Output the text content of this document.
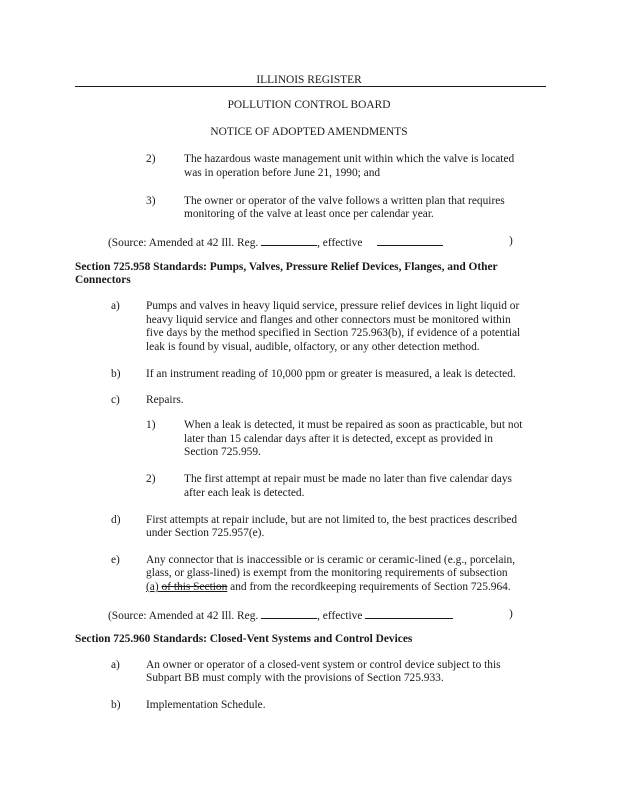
ILLINOIS REGISTER
POLLUTION CONTROL BOARD
NOTICE OF ADOPTED AMENDMENTS
2)	The hazardous waste management unit within which the valve is located
was in operation before June 21, 1990; and
3)	The owner or operator of the valve follows a written plan that requires
monitoring of the valve at least once per calendar year.
(Source: Amended at 42 Ill. Reg.	, effective	)
Section 725.958 Standards: Pumps, Valves, Pressure Relief Devices, Flanges, and Other
Connectors
a) Pumps and valves in heavy liquid service, pressure relief devices in light liquid or
heavy liquid service and flanges and other connectors must be monitored within
five days by the method specified in Section 725.963(b), if evidence of a potential
leak is found by visual, audible, olfactory, or any other detection method.
b) If an instrument reading of 10,000 ppm or greater is measured, a leak is detected.
c) Repairs.
1)	When a leak is detected, it must be repaired as soon as practicable, but not
later than 15 calendar days after it is detected, except as provided in
Section 725.959.
2)	The first attempt at repair must be made no later than five calendar days
after each leak is detected.
d) First attempts at repair include, but are not limited to, the best practices described
under Section 725.957(e).
e) Any connector that is inaccessible or is ceramic or ceramic-lined (e.g., porcelain,
glass, or glass-lined) is exempt from the monitoring requirements of subsection
(a) of this Section and from the recordkeeping requirements of Section 725.964.
(Source: Amended at 42 Ill. Reg.	, effective	)
Section 725.960 Standards: Closed-Vent Systems and Control Devices
a) An owner or operator of a closed-vent system or control device subject to this
Subpart BB must comply with the provisions of Section 725.933.
b) Implementation Schedule.
